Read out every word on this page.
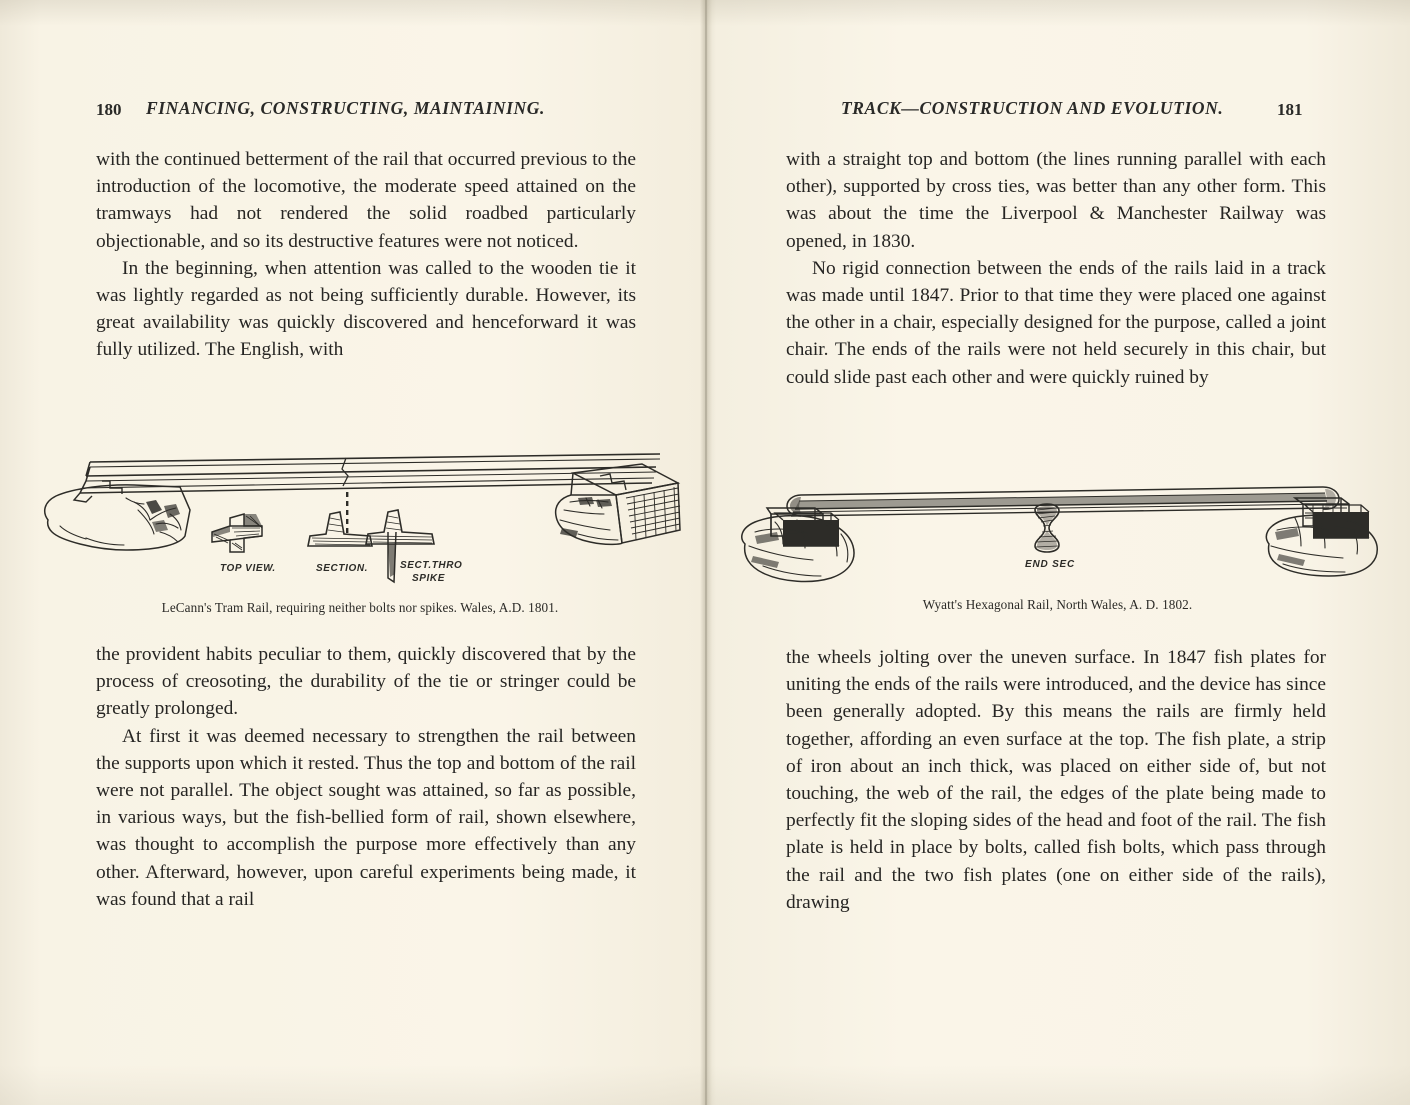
180 FINANCING, CONSTRUCTING, MAINTAINING.

with the continued betterment of the rail that occurred previous to the introduction of the locomotive, the moderate speed attained on the tramways had not rendered the solid roadbed particularly objectionable, and so its destructive features were not noticed.

In the beginning, when attention was called to the wooden tie it was lightly regarded as not being sufficiently durable. However, its great availability was quickly discovered and henceforward it was fully utilized. The English, with

TOP VIEW.	SECTION.	SECT.THRO
SPIKE
LeCann's Tram Rail, requiring neither bolts nor spikes. Wales, A.D. 1801.

the provident habits peculiar to them, quickly discovered that by the process of creosoting, the durability of the tie or stringer could be greatly prolonged.

At first it was deemed necessary to strengthen the rail between the supports upon which it rested. Thus the top and bottom of the rail were not parallel. The object sought was attained, so far as possible, in various ways, but the fish-bellied form of rail, shown elsewhere, was thought to accomplish the purpose more effectively than any other. Afterward, however, upon careful experiments being made, it was found that a rail

TRACK—CONSTRUCTION AND EVOLUTION.	181

with a straight top and bottom (the lines running parallel with each other), supported by cross ties, was better than any other form. This was about the time the Liverpool & Manchester Railway was opened, in 1830.

No rigid connection between the ends of the rails laid in a track was made until 1847. Prior to that time they were placed one against the other in a chair, especially designed for the purpose, called a joint chair. The ends of the rails were not held securely in this chair, but could slide past each other and were quickly ruined by

END SEC
Wyatt's Hexagonal Rail, North Wales, A. D. 1802.

the wheels jolting over the uneven surface. In 1847 fish plates for uniting the ends of the rails were introduced, and the device has since been generally adopted. By this means the rails are firmly held together, affording an even surface at the top. The fish plate, a strip of iron about an inch thick, was placed on either side of, but not touching, the web of the rail, the edges of the plate being made to perfectly fit the sloping sides of the head and foot of the rail. The fish plate is held in place by bolts, called fish bolts, which pass through the rail and the two fish plates (one on either side of the rails), drawing
